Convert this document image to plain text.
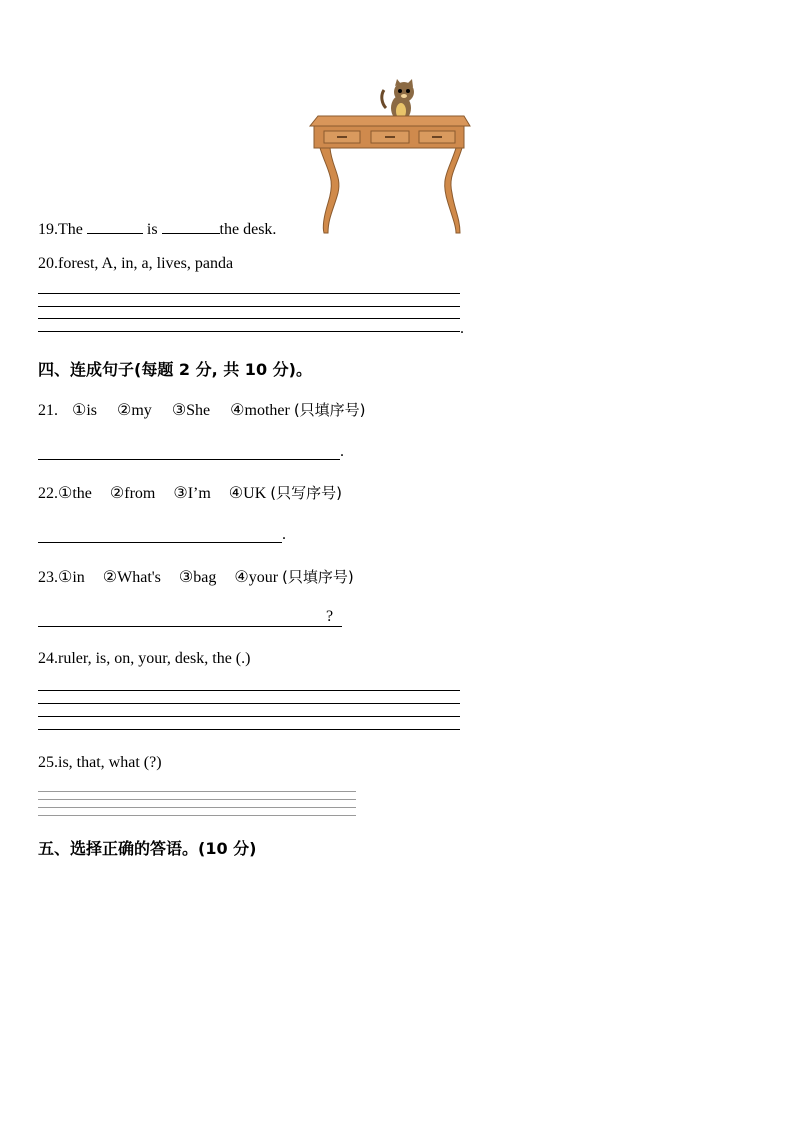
19.The	is	the desk.
20.forest, A, in, a, lives, panda
.
四、连成句子(每题 2 分, 共 10 分)。
21. ①is ②my ③She ④mother (只填序号)
.
22.①the ②from ③I’m ④UK (只写序号)
.
23.①in ②What's ③bag ④your (只填序号)
?
24.ruler, is, on, your, desk, the (.)
25.is, that, what (?)
五、选择正确的答语。(10 分)
